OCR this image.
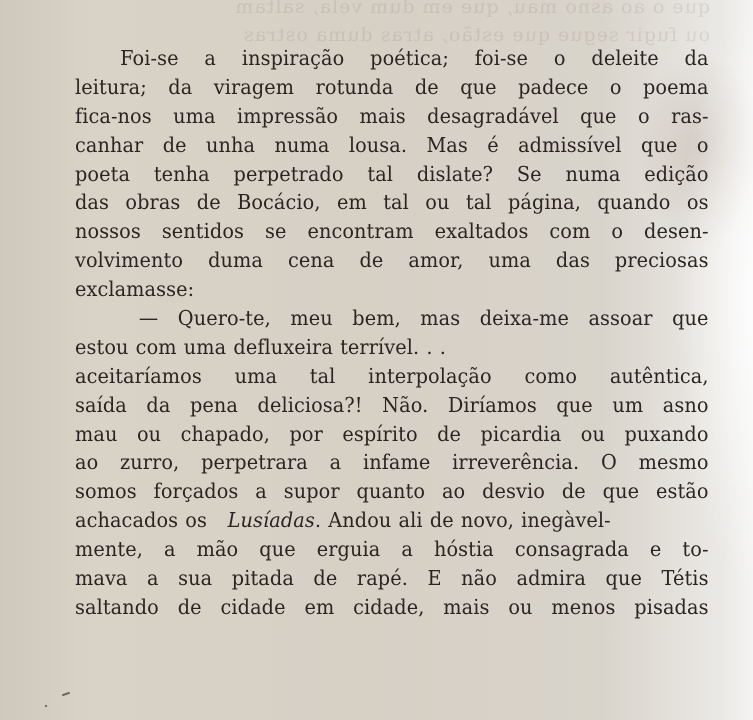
que o ao asno mau, que em dum vela, saltam
ou fugir segue que estão, atras duma ostras
Foi-se a inspiração poética; foi-se o deleite da
leitura; da viragem rotunda de que padece o poema
fica-nos uma impressão mais desagradável que o ras-
canhar de unha numa lousa. Mas é admissível que o
poeta tenha perpetrado tal dislate? Se numa edição
das obras de Bocácio, em tal ou tal página, quando os
nossos sentidos se encontram exaltados com o desen-
volvimento duma cena de amor, uma das preciosas
exclamasse:
— Quero-te, meu bem, mas deixa-me assoar que
estou com uma defluxeira terrível. . .
aceitaríamos uma tal interpolação como autêntica,
saída da pena deliciosa?! Não. Diríamos que um asno
mau ou chapado, por espírito de picardia ou puxando
ao zurro, perpetrara a infame irreverência. O mesmo
somos forçados a supor quanto ao desvio de que estão
achacados os Lusíadas. Andou ali de novo, inegàvel-
mente, a mão que erguia a hóstia consagrada e to-
mava a sua pitada de rapé. E não admira que Tétis
saltando de cidade em cidade, mais ou menos pisadas
